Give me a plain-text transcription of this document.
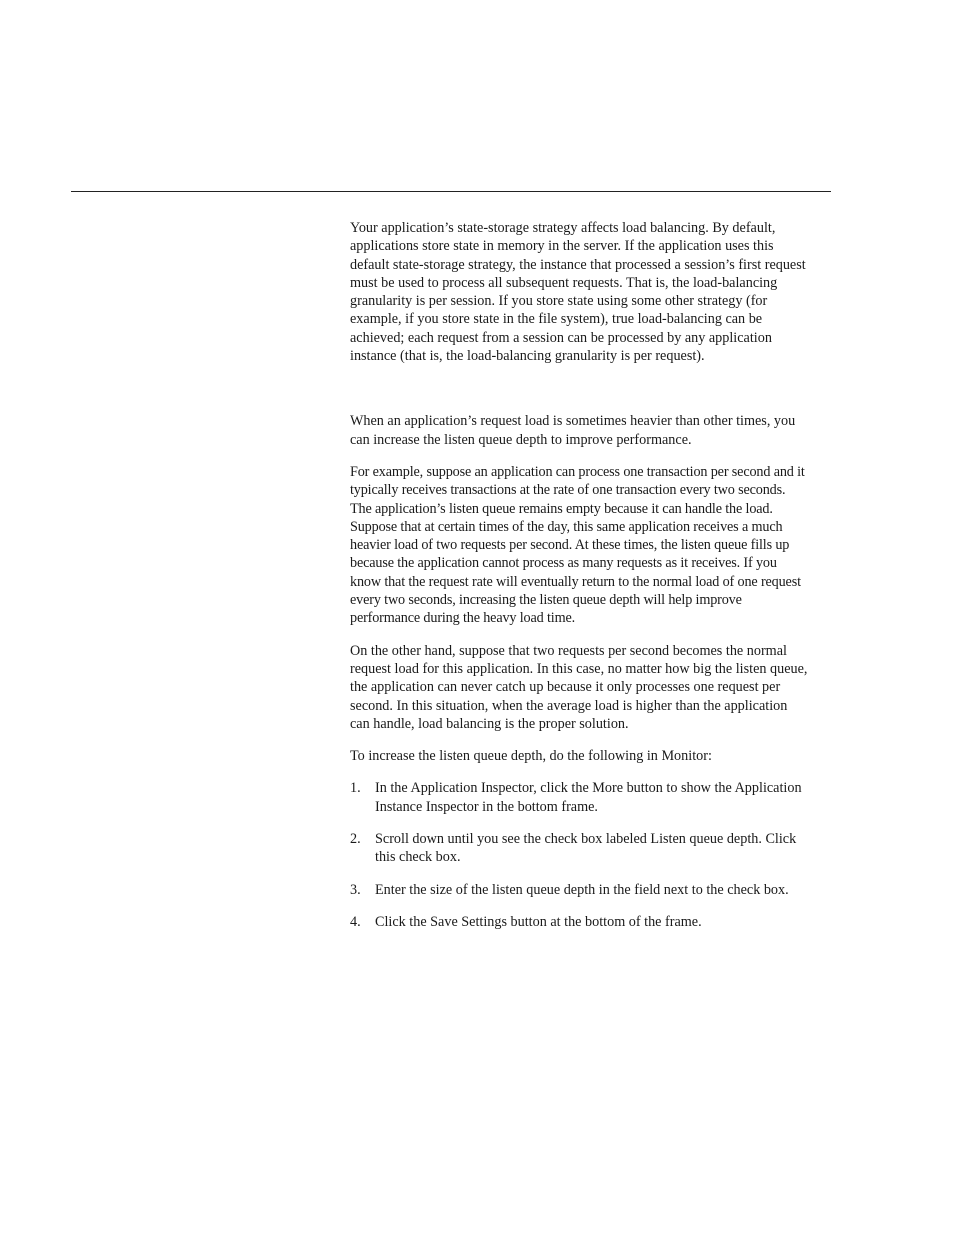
Your application’s state-storage strategy affects load balancing. By default, applications store state in memory in the server. If the application uses this default state-storage strategy, the instance that processed a session’s first request must be used to process all subsequent requests. That is, the load-balancing granularity is per session. If you store state using some other strategy (for example, if you store state in the file system), true load-balancing can be achieved; each request from a session can be processed by any application instance (that is, the load-balancing granularity is per request).

When an application’s request load is sometimes heavier than other times, you can increase the listen queue depth to improve performance.

For example, suppose an application can process one transaction per second and it typically receives transactions at the rate of one transaction every two seconds. The application’s listen queue remains empty because it can handle the load. Suppose that at certain times of the day, this same application receives a much heavier load of two requests per second. At these times, the listen queue fills up because the application cannot process as many requests as it receives. If you know that the request rate will eventually return to the normal load of one request every two seconds, increasing the listen queue depth will help improve performance during the heavy load time.

On the other hand, suppose that two requests per second becomes the normal request load for this application. In this case, no matter how big the listen queue, the application can never catch up because it only processes one request per second. In this situation, when the average load is higher than the application can handle, load balancing is the proper solution.

To increase the listen queue depth, do the following in Monitor:

1.	In the Application Inspector, click the More button to show the Application Instance Inspector in the bottom frame.
2.	Scroll down until you see the check box labeled Listen queue depth. Click this check box.
3.	Enter the size of the listen queue depth in the field next to the check box.
4.	Click the Save Settings button at the bottom of the frame.
